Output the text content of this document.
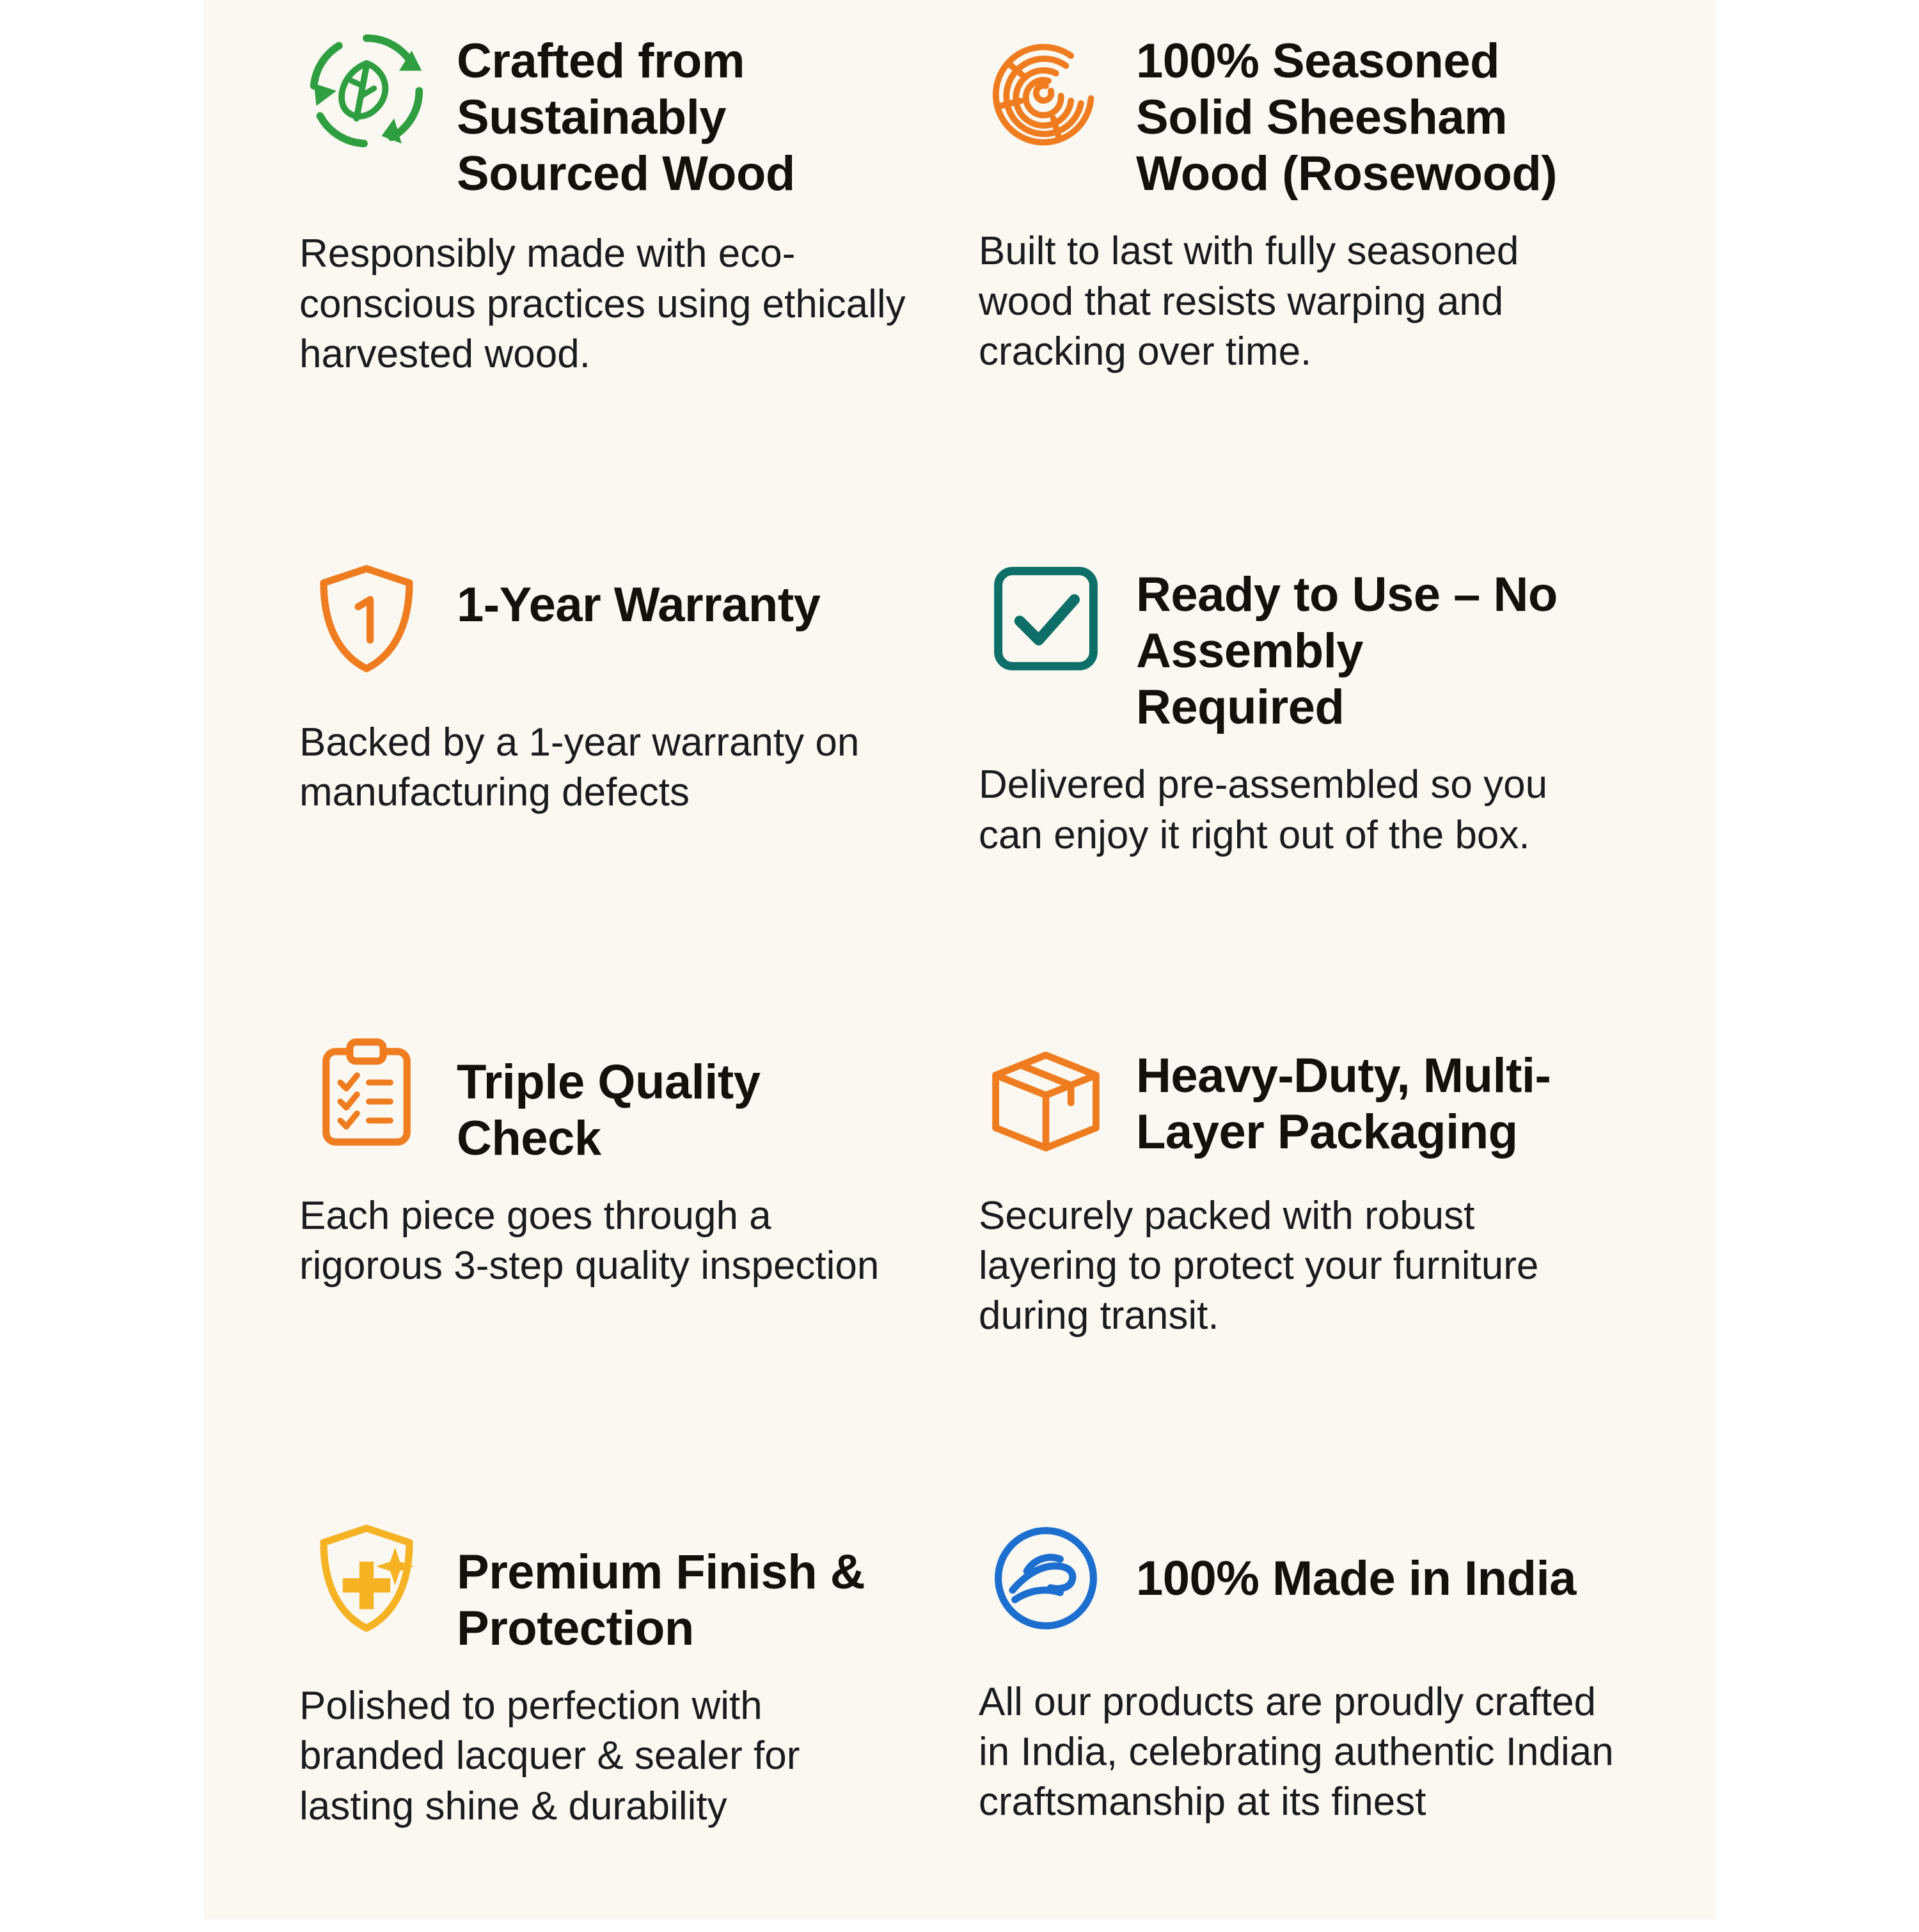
Crafted from Sustainably Sourced Wood
Responsibly made with eco-conscious practices using ethically harvested wood.
100% Seasoned Solid Sheesham Wood (Rosewood)
Built to last with fully seasoned wood that resists warping and cracking over time.
1-Year Warranty
Backed by a 1-year warranty on manufacturing defects
Ready to Use – No Assembly Required
Delivered pre-assembled so you can enjoy it right out of the box.
Triple Quality Check
Each piece goes through a rigorous 3-step quality inspection
Heavy-Duty, Multi-Layer Packaging
Securely packed with robust layering to protect your furniture during transit.
Premium Finish & Protection
Polished to perfection with branded lacquer & sealer for lasting shine & durability
100% Made in India
All our products are proudly crafted in India, celebrating authentic Indian craftsmanship at its finest
